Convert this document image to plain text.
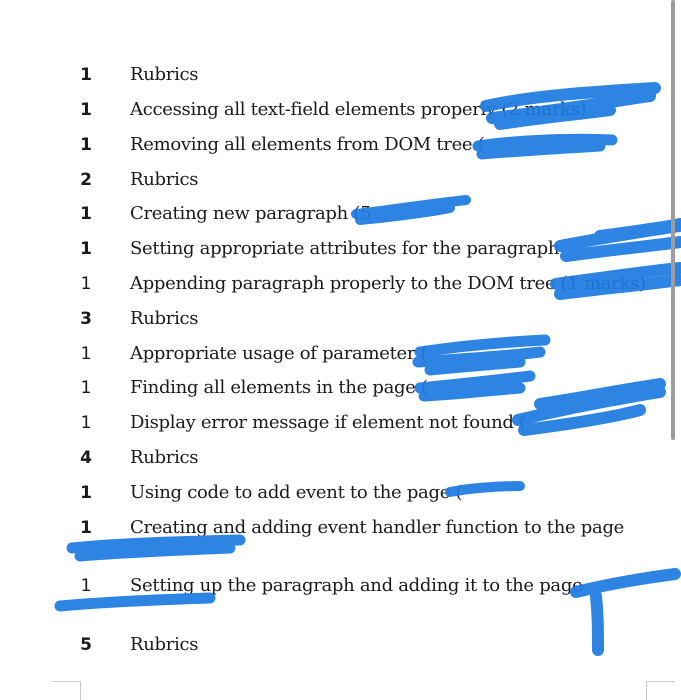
1 Rubrics
1 Accessing all text-field elements properly (2 marks)
1 Removing all elements from DOM tree (
2 Rubrics
1 Creating new paragraph (5
1 Setting appropriate attributes for the paragraph
1 Appending paragraph properly to the DOM tree (1 marks)
3 Rubrics
1 Appropriate usage of parameter (
1 Finding all elements in the page (
1 Display error message if element not found (
4 Rubrics
1 Using code to add event to the page (
1 Creating and adding event handler function to the page
1 Setting up the paragraph and adding it to the page
5 Rubrics
